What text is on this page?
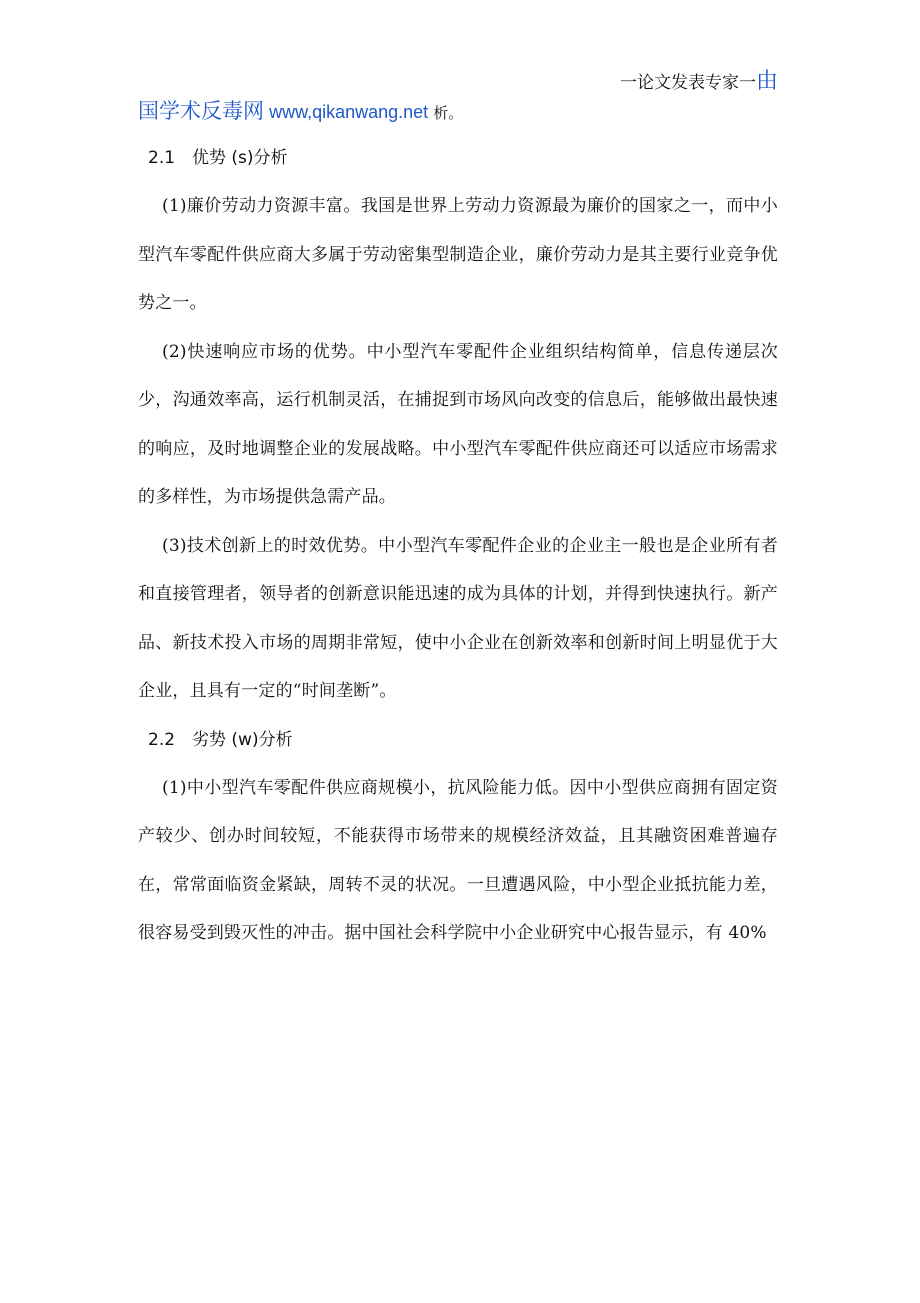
一论文发表专家一由
国学术反毒网 www,qikanwang.net 析。
2.1 优势 (s)分析

(1)廉价劳动力资源丰富。我国是世界上劳动力资源最为廉价的国家之一，而中小型汽车零配件供应商大多属于劳动密集型制造企业，廉价劳动力是其主要行业竞争优势之一。

(2)快速响应市场的优势。中小型汽车零配件企业组织结构简单，信息传递层次少，沟通效率高，运行机制灵活，在捕捉到市场风向改变的信息后，能够做出最快速的响应，及时地调整企业的发展战略。中小型汽车零配件供应商还可以适应市场需求的多样性，为市场提供急需产品。

(3)技术创新上的时效优势。中小型汽车零配件企业的企业主一般也是企业所有者和直接管理者，领导者的创新意识能迅速的成为具体的计划，并得到快速执行。新产品、新技术投入市场的周期非常短，使中小企业在创新效率和创新时间上明显优于大企业，且具有一定的“时间垄断”。

2.2 劣势 (w)分析

(1)中小型汽车零配件供应商规模小，抗风险能力低。因中小型供应商拥有固定资产较少、创办时间较短，不能获得市场带来的规模经济效益，且其融资困难普遍存在，常常面临资金紧缺，周转不灵的状况。一旦遭遇风险，中小型企业抵抗能力差，很容易受到毁灭性的冲击。据中国社会科学院中小企业研究中心报告显示，有 40%
